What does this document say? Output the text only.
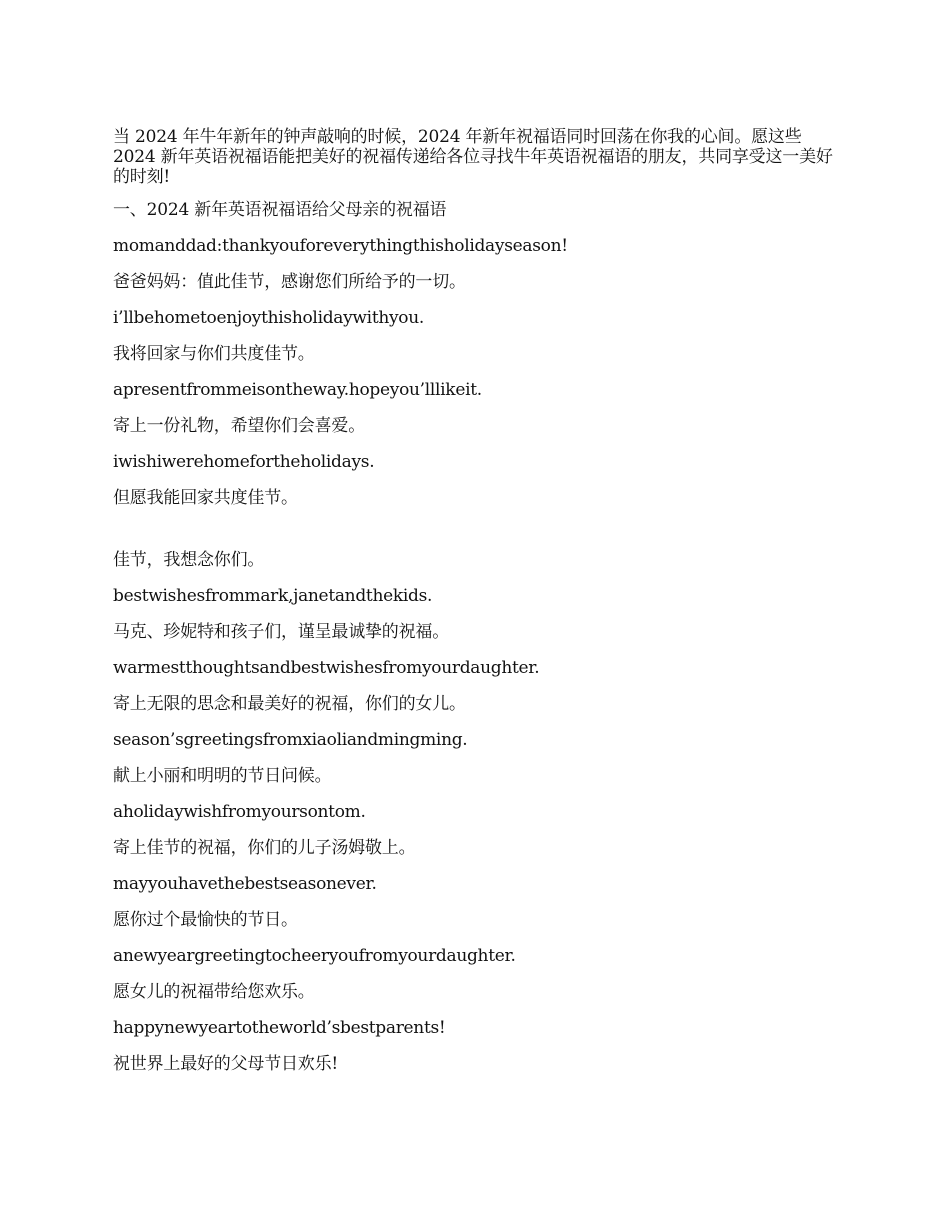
当 2024 年牛年新年的钟声敲响的时候，2024 年新年祝福语同时回荡在你我的心间。愿这些 2024 新年英语祝福语能把美好的祝福传递给各位寻找牛年英语祝福语的朋友，共同享受这一美好的时刻!

一、2024 新年英语祝福语给父母亲的祝福语
momanddad:thankyouforeverythingthisholidayseason!
爸爸妈妈：值此佳节，感谢您们所给予的一切。
i’llbehometoenjoythisholidaywithyou.
我将回家与你们共度佳节。
apresentfrommeisontheway.hopeyou’lllikeit.
寄上一份礼物，希望你们会喜爱。
iwishiwerehomefortheholidays.
但愿我能回家共度佳节。
佳节，我想念你们。
bestwishesfrommark,janetandthekids.
马克、珍妮特和孩子们，谨呈最诚挚的祝福。
warmestthoughtsandbestwishesfromyourdaughter.
寄上无限的思念和最美好的祝福，你们的女儿。
season’sgreetingsfromxiaoliandmingming.
献上小丽和明明的节日问候。
aholidaywishfromyoursontom.
寄上佳节的祝福，你们的儿子汤姆敬上。
mayyouhavethebestseasonever.
愿你过个最愉快的节日。
anewyeargreetingtocheeryoufromyourdaughter.
愿女儿的祝福带给您欢乐。
happynewyeartotheworld’sbestparents!
祝世界上最好的父母节日欢乐!
